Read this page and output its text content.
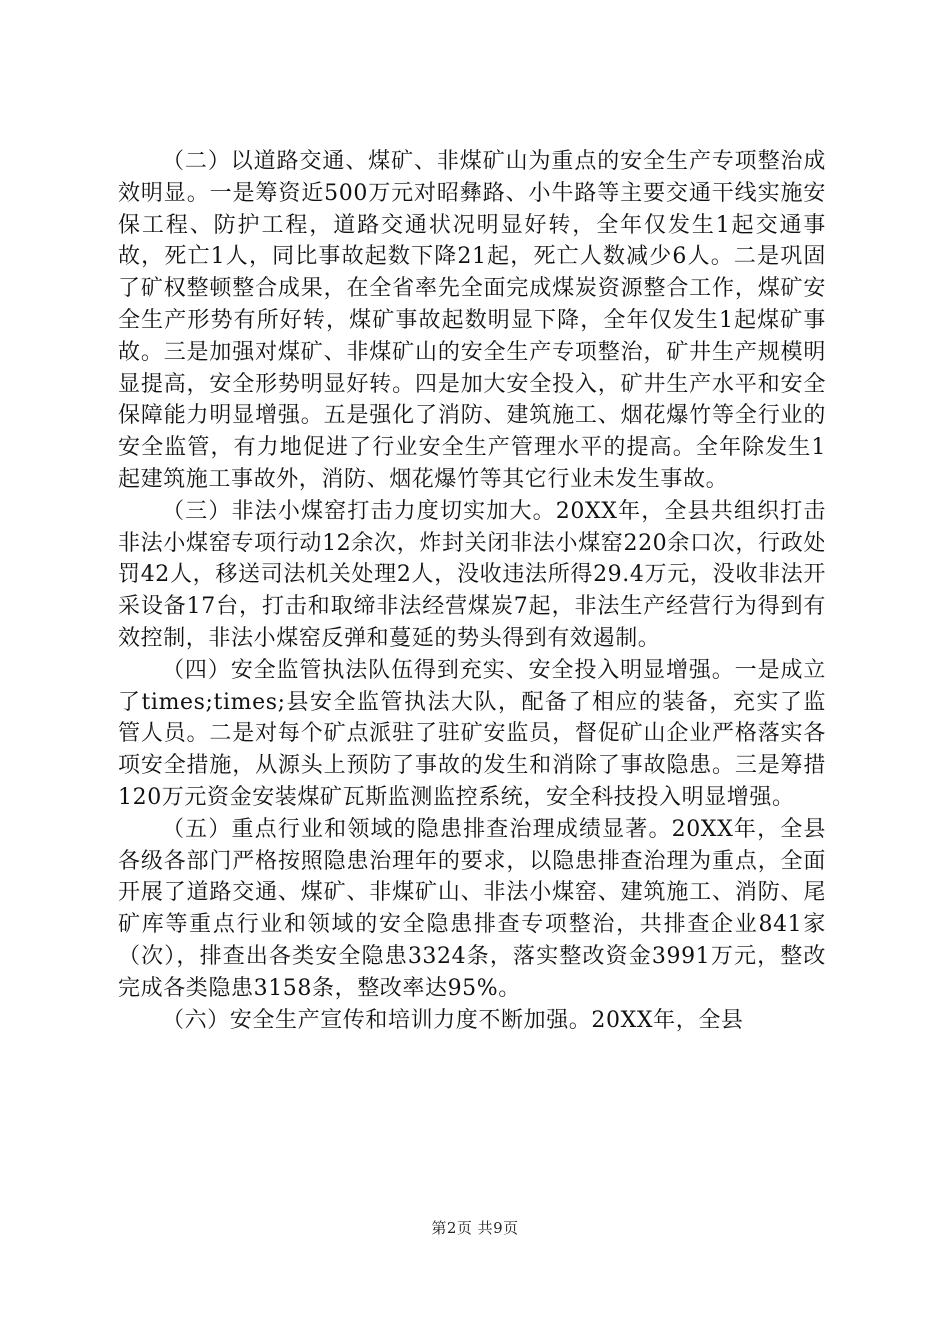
（二）以道路交通、煤矿、非煤矿山为重点的安全生产专项整治成效明显。一是筹资近500万元对昭彝路、小牛路等主要交通干线实施安保工程、防护工程，道路交通状况明显好转，全年仅发生1起交通事故，死亡1人，同比事故起数下降21起，死亡人数减少6人。二是巩固了矿权整顿整合成果，在全省率先全面完成煤炭资源整合工作，煤矿安全生产形势有所好转，煤矿事故起数明显下降，全年仅发生1起煤矿事故。三是加强对煤矿、非煤矿山的安全生产专项整治，矿井生产规模明显提高，安全形势明显好转。四是加大安全投入，矿井生产水平和安全保障能力明显增强。五是强化了消防、建筑施工、烟花爆竹等全行业的安全监管，有力地促进了行业安全生产管理水平的提高。全年除发生1起建筑施工事故外，消防、烟花爆竹等其它行业未发生事故。

（三）非法小煤窑打击力度切实加大。20XX年，全县共组织打击非法小煤窑专项行动12余次，炸封关闭非法小煤窑220余口次，行政处罚42人，移送司法机关处理2人，没收违法所得29.4万元，没收非法开采设备17台，打击和取缔非法经营煤炭7起，非法生产经营行为得到有效控制，非法小煤窑反弹和蔓延的势头得到有效遏制。

（四）安全监管执法队伍得到充实、安全投入明显增强。一是成立了times;times;县安全监管执法大队，配备了相应的装备，充实了监管人员。二是对每个矿点派驻了驻矿安监员，督促矿山企业严格落实各项安全措施，从源头上预防了事故的发生和消除了事故隐患。三是筹措120万元资金安装煤矿瓦斯监测监控系统，安全科技投入明显增强。

（五）重点行业和领域的隐患排查治理成绩显著。20XX年，全县各级各部门严格按照隐患治理年的要求，以隐患排查治理为重点，全面开展了道路交通、煤矿、非煤矿山、非法小煤窑、建筑施工、消防、尾矿库等重点行业和领域的安全隐患排查专项整治，共排查企业841家（次），排查出各类安全隐患3324条，落实整改资金3991万元，整改完成各类隐患3158条，整改率达95%。

（六）安全生产宣传和培训力度不断加强。20XX年，全县

第2页 共9页
